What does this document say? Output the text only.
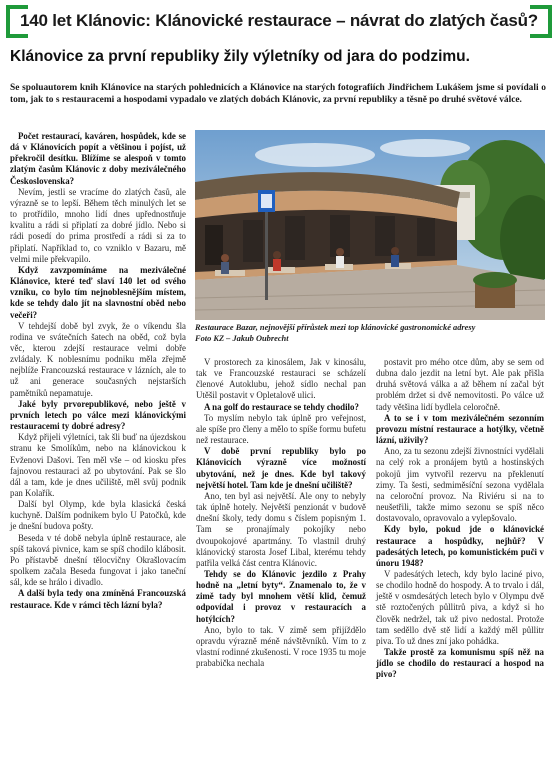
140 let Klánovic: Klánovické restaurace – návrat do zlatých časů?
Klánovice za první republiky žily výletníky od jara do podzimu.
Se spoluautorem knih Klánovice na starých pohlednicích a Klánovice na starých fotografiích Jindřichem Lukášem jsme si povídali o tom, jak to s restauracemi a hospodami vypadalo ve zlatých dobách Klánovic, za první republiky a těsně po druhé světové válce.

Počet restaurací, kaváren, hospůdek, kde se dá v Klánovicích popít a většinou i pojíst, už překročil desítku. Blížíme se alespoň v tomto zlatým časům Klánovic z doby meziválečného Československa?

Nevím, jestli se vracíme do zlatých časů, ale výrazně se to lepší. Během těch minulých let se to protřídilo, mnoho lidí dnes upřednostňuje kvalitu a rádi si připlatí za dobré jídlo. Nebo si rádi posedí do prima prostředí a rádi si za to připlatí. Například to, co vzniklo v Bazaru, mě velmi mile překvapilo.

Když zavzpomínáme na meziválečné Klánovice, které teď slaví 140 let od svého vzniku, co bylo tím nejnoblesnějším místem, kde se tehdy dalo jít na slavnostní oběd nebo večeři?

V tehdejší době byl zvyk, že o víkendu šla rodina ve svátečních šatech na oběd, což byla věc, kterou zdejší restaurace velmi dobře zvládaly. K noblesnímu podniku měla zřejmě nejblíže Francouzská restaurace v lázních, ale to už ani generace současných nejstarších pamětníků nepamatuje.

Jaké byly prvorepublikové, nebo ještě v prvních letech po válce mezi klánovickými restauracemi ty dobré adresy?

Když přijeli výletníci, tak šli buď na újezdskou stranu ke Smolíkům, nebo na klánovickou k Evženovi Dašovi. Ten měl vše – od kiosku přes fajnovou restauraci až po ubytování. Pak se šlo dál a tam, kde je dnes učiliště, měl svůj podnik pan Kolařík.

Další byl Olymp, kde byla klasická česká kuchyně. Dalším podnikem bylo U Patočků, kde je dnešní budova pošty.

Beseda v té době nebyla úplně restaurace, ale spíš taková pivnice, kam se spíš chodilo klábosit. Po přístavbě dnešní tělocvičny Okrašlovacím spolkem začala Beseda fungovat i jako taneční sál, kde se hrálo i divadlo.

A další byla tedy ona zmíněná Francouzská restaurace. Kde v rámci těch lázní byla?

Restaurace Bazar, nejnovější přírůstek mezi top klánovické gastronomické adresy
Foto KZ – Jakub Oubrecht

V prostorech za kinosálem, Jak v kinosálu, tak ve Francouzské restauraci se scházelí členové Autoklubu, jehož sídlo nechal pan Utěšil postavit v Opletalově ulici.

A na golf do restaurace se tehdy chodilo?

To myslím nebylo tak úplně pro veřejnost, ale spíše pro členy a mělo to spíše formu bufetu než restaurace.

V době první republiky bylo po Klánovicích výrazně více možností ubytování, než je dnes. Kde byl takový největší hotel. Tam kde je dnešní učiliště?

Ano, ten byl asi největší. Ale ony to nebyly tak úplně hotely. Největší penzionát v budově dnešní školy, tedy domu s číslem popisným 1. Tam se pronajímaly pokojíky nebo dvoupokojové apartmány. To vlastnil druhý klánovický starosta Josef Libal, kterému tehdy patřila velká část centra Klánovic.

Tehdy se do Klánovic jezdilo z Prahy hodně na „letní byty“. Znamenalo to, že v zimě tady byl mnohem větší klid, čemuž odpovídal i provoz v restauracích a hotýlcích?

Ano, bylo to tak. V zimě sem přijíždělo opravdu výrazně méně návštěvníků. Vím to z vlastní rodinné zkušenosti. V roce 1935 tu moje prababička nechala

postavit pro mého otce dům, aby se sem od dubna dalo jezdit na letní byt. Ale pak přišla druhá světová válka a až během ní začal být problém držet si dvě nemovitosti. Po válce už tady většina lidí bydlela celoročně.

A to se i v tom meziválečném sezonním provozu místní restaurace a hotýlky, včetně lázní, uživily?

Ano, za tu sezonu zdejší živnostníci vydělali na celý rok a pronájem bytů a hostinských pokojů jim vytvořil rezervu na překlenutí zimy. Ta šesti, sedmiměsíční sezona vydělala na celoroční provoz. Na Riviéru si na to neušetřili, takže mimo sezonu se spíš něco dostavovalo, opravovalo a vylepšovalo.

Kdy bylo, pokud jde o klánovické restaurace a hospůdky, nejhůř? V padesátých letech, po komunistickém puči v únoru 1948?

V padesátých letech, kdy bylo laciné pivo, se chodilo hodně do hospody. A to trvalo i dál, ještě v osmdesátých letech bylo v Olympu dvě stě roztočených půllitrů piva, a když si ho člověk nedržel, tak už pivo nedostal. Protože tam seděllo dvě stě lidí a každý měl půllitr piva. To už dnes zní jako pohádka.

Takže prostě za komunismu spíš něž na jídlo se chodilo do restaurací a hospod na pivo?
